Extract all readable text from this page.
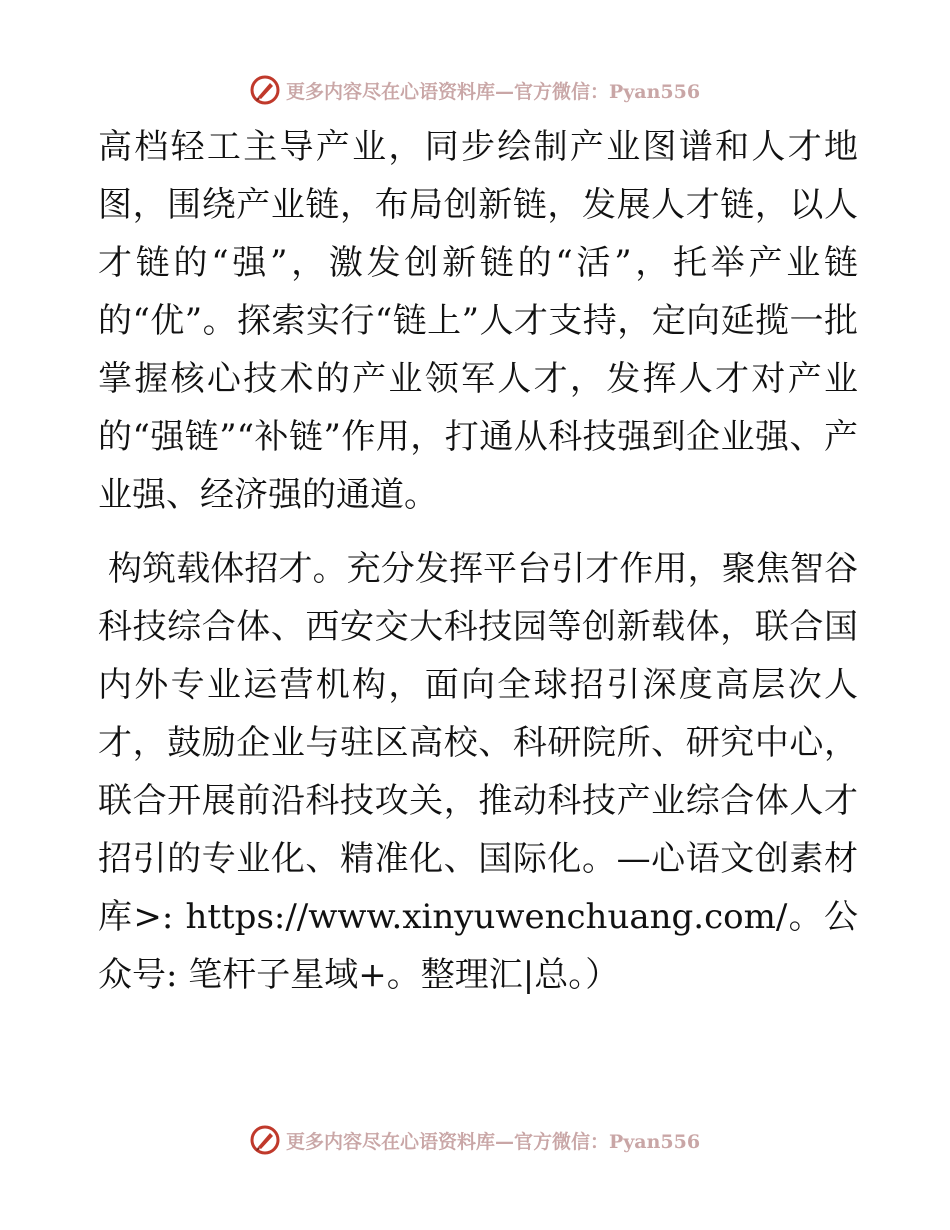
更多内容尽在心语资料库—官方微信：Pyan556

高档轻工主导产业，同步绘制产业图谱和人才地图，围绕产业链，布局创新链，发展人才链，以人才链的“强”，激发创新链的“活”，托举产业链的“优”。探索实行“链上”人才支持，定向延揽一批掌握核心技术的产业领军人才，发挥人才对产业的“强链”“补链”作用，打通从科技强到企业强、产业强、经济强的通道。

构筑载体招才。充分发挥平台引才作用，聚焦智谷科技综合体、西安交大科技园等创新载体，联合国内外专业运营机构，面向全球招引深度高层次人才，鼓励企业与驻区高校、科研院所、研究中心，联合开展前沿科技攻关，推动科技产业综合体人才招引的专业化、精准化、国际化。—心语文创素材库>: https://www.xinyuwenchuang.com/。公众号: 笔杆子星域+。整理汇|总。）

更多内容尽在心语资料库—官方微信：Pyan556
